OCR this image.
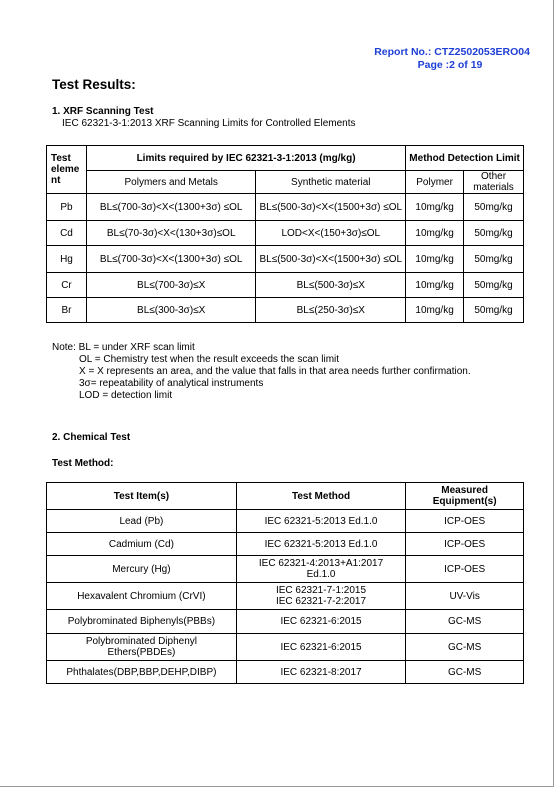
Report No.: CTZ2502053ERO04

Page :2 of 19
Test Results:
1. XRF Scanning Test
IEC 62321-3-1:2013 XRF Scanning Limits for Controlled Elements
Test eleme nt	Limits required by IEC 62321-3-1:2013 (mg/kg)		Method Detection Limit	
	Polymers and Metals	Synthetic material	Polymer	Other materials
Pb	BL≤(700-3σ)<X<(1300+3σ) ≤OL	BL≤(500-3σ)<X<(1500+3σ) ≤OL	10mg/kg	50mg/kg
Cd	BL≤(70-3σ)<X<(130+3σ)≤OL	LOD<X<(150+3σ)≤OL	10mg/kg	50mg/kg
Hg	BL≤(700-3σ)<X<(1300+3σ) ≤OL	BL≤(500-3σ)<X<(1500+3σ) ≤OL	10mg/kg	50mg/kg
Cr	BL≤(700-3σ)≤X	BL≤(500-3σ)≤X	10mg/kg	50mg/kg
Br	BL≤(300-3σ)≤X	BL≤(250-3σ)≤X	10mg/kg	50mg/kg
Note: BL = under XRF scan limit
OL = Chemistry test when the result exceeds the scan limit
X = X represents an area, and the value that falls in that area needs further confirmation.
3σ= repeatability of analytical instruments
LOD = detection limit
2. Chemical Test
Test Method:
Test Item(s)	Test Method	Measured Equipment(s)
Lead (Pb)	IEC 62321-5:2013 Ed.1.0	ICP-OES
Cadmium (Cd)	IEC 62321-5:2013 Ed.1.0	ICP-OES
Mercury (Hg)	IEC 62321-4:2013+A1:2017
Ed.1.0	ICP-OES
Hexavalent Chromium (CrVI)	IEC 62321-7-1:2015
IEC 62321-7-2:2017	UV-Vis
Polybrominated Biphenyls(PBBs)	IEC 62321-6:2015	GC-MS
Polybrominated Diphenyl Ethers(PBDEs)	IEC 62321-6:2015	GC-MS
Phthalates(DBP,BBP,DEHP,DIBP)	IEC 62321-8:2017	GC-MS
